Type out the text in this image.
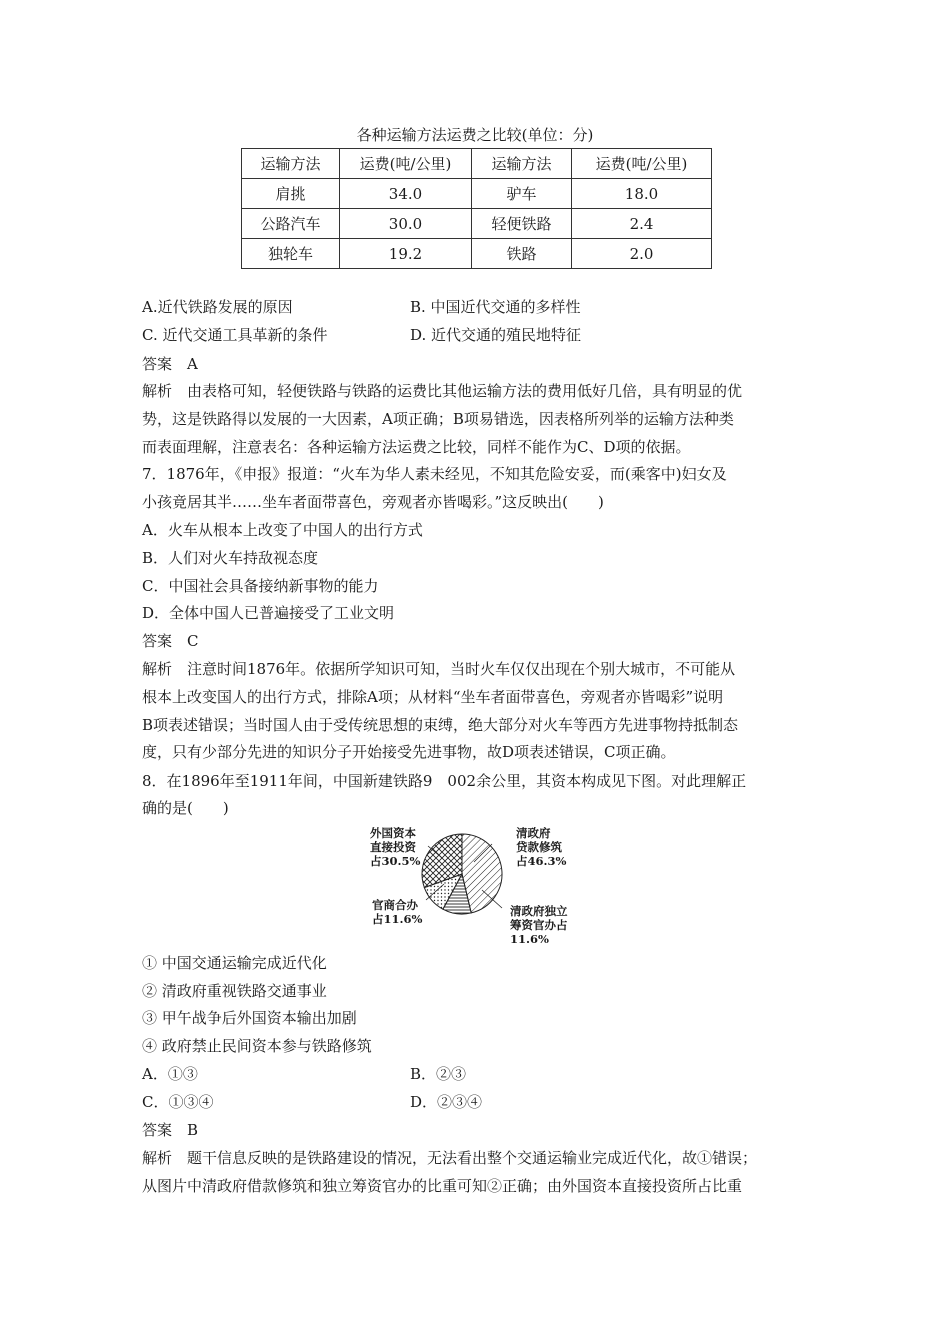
各种运输方法运费之比较(单位：分)
运输方法	运费(吨/公里)	运输方法	运费(吨/公里)
肩挑	34.0	驴车	18.0
公路汽车	30.0	轻便铁路	2.4
独轮车	19.2	铁路	2.0
A.近代铁路发展的原因	B. 中国近代交通的多样性
C. 近代交通工具革新的条件	D. 近代交通的殖民地特征
答案　A
解析　由表格可知，轻便铁路与铁路的运费比其他运输方法的费用低好几倍，具有明显的优
势，这是铁路得以发展的一大因素，A项正确；B项易错选，因表格所列举的运输方法种类
而表面理解，注意表名：各种运输方法运费之比较，同样不能作为C、D项的依据。
7．1876年，《申报》报道：“火车为华人素未经见，不知其危险安妥，而(乘客中)妇女及
小孩竟居其半……坐车者面带喜色，旁观者亦皆喝彩。”这反映出(　　)
A．火车从根本上改变了中国人的出行方式
B．人们对火车持敌视态度
C．中国社会具备接纳新事物的能力
D．全体中国人已普遍接受了工业文明
答案　C
解析　注意时间1876年。依据所学知识可知，当时火车仅仅出现在个别大城市，不可能从
根本上改变国人的出行方式，排除A项；从材料“坐车者面带喜色，旁观者亦皆喝彩”说明
B项表述错误；当时国人由于受传统思想的束缚，绝大部分对火车等西方先进事物持抵制态
度，只有少部分先进的知识分子开始接受先进事物，故D项表述错误，C项正确。
8．在1896年至1911年间，中国新建铁路9　002余公里，其资本构成见下图。对此理解正
确的是(　　)
外国资本
直接投资
占30.5%
清政府
贷款修筑
占46.3%
官商合办
占11.6%
清政府独立
筹资官办占
11.6%
① 中国交通运输完成近代化
② 清政府重视铁路交通事业
③ 甲午战争后外国资本输出加剧
④ 政府禁止民间资本参与铁路修筑
A．①③	B．②③
C．①③④	D．②③④
答案　B
解析　题干信息反映的是铁路建设的情况，无法看出整个交通运输业完成近代化，故①错误；
从图片中清政府借款修筑和独立筹资官办的比重可知②正确；由外国资本直接投资所占比重
